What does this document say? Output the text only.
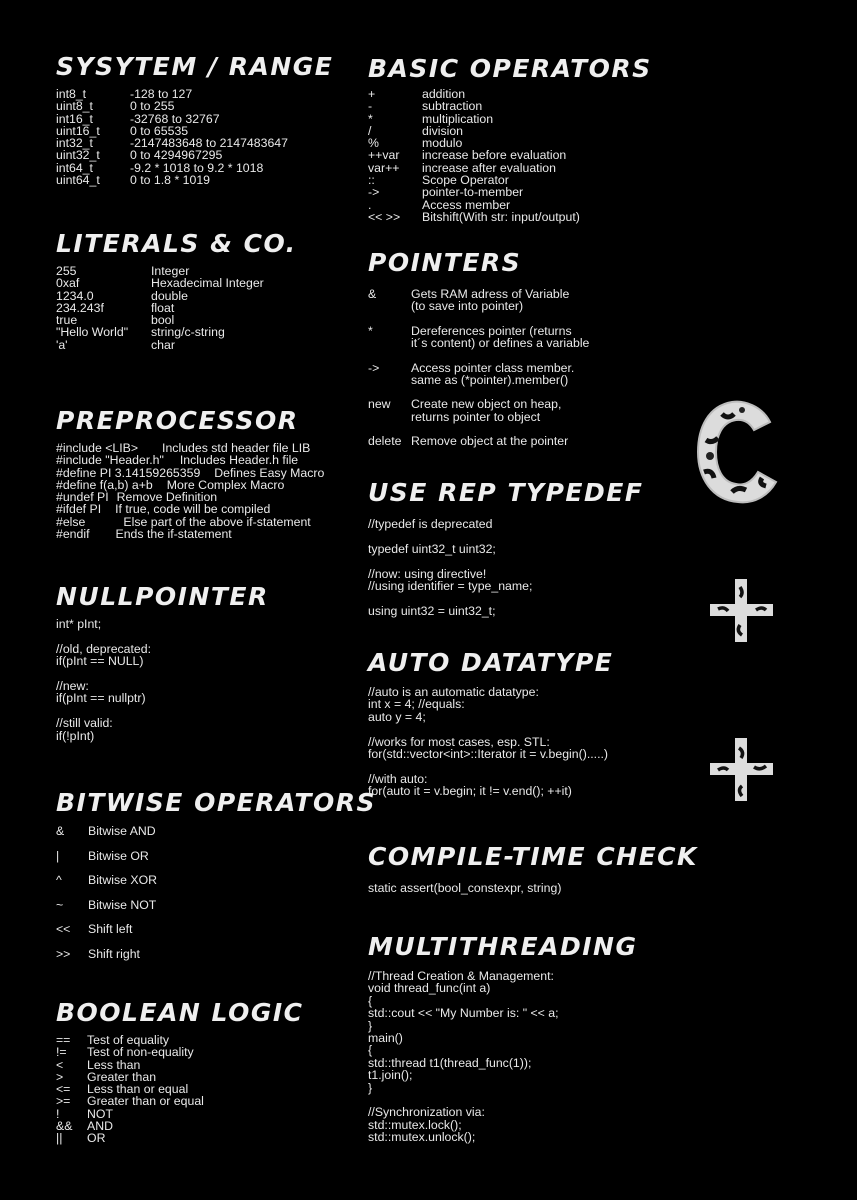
SYSYTEM / RANGE
int8_t	-128 to 127
uint8_t	0 to 255
int16_t	-32768 to 32767
uint16_t 0 to 65535
int32_t	-2147483648 to 2147483647
uint32_t 0 to 4294967295
int64_t	-9.2 * 1018 to 9.2 * 1018
uint64_t 0 to 1.8 * 1019
LITERALS & CO.
255	Integer
0xaf	Hexadecimal Integer
1234.0	double
234.243f	float
true	bool
"Hello World" string/c-string
'a'	char
PREPROCESSOR
#include <LIB> Includes std header file LIB
#include "Header.h" Includes Header.h file
#define PI 3.14159265359 Defines Easy Macro
#define f(a,b) a+b More Complex Macro
#undef PI Remove Definition
#ifdef PI If true, code will be compiled
#else	Else part of the above if-statement
#endif Ends the if-statement
NULLPOINTER
int* pInt;
//old, deprecated:
if(pInt == NULL)
//new:
if(pInt == nullptr)
//still valid:
if(!pInt)
BITWISE OPERATORS
& Bitwise AND
| Bitwise OR
^ Bitwise XOR
~ Bitwise NOT
<< Shift left
>> Shift right
BOOLEAN LOGIC
== Test of equality
!= Test of non-equality
< Less than
> Greater than
<= Less than or equal
>= Greater than or equal
! NOT
&& AND
|| OR
BASIC OPERATORS
+	addition
-	subtraction
*	multiplication
/	division
%	modulo
++var increase before evaluation
var++ increase after evaluation
::	Scope Operator
->	pointer-to-member
.	Access member
<< >> Bitshift(With str: input/output)
POINTERS
&	Gets RAM adress of Variable
(to save into pointer)
*	Dereferences pointer (returns
it´s content) or defines a variable
->	Access pointer class member.
same as (*pointer).member()
new	Create new object on heap,
returns pointer to object
delete Remove object at the pointer
USE REP TYPEDEF
//typedef is deprecated
typedef uint32_t uint32;
//now: using directive!
//using identifier = type_name;
using uint32 = uint32_t;
AUTO DATATYPE
//auto is an automatic datatype:
int x = 4; //equals:
auto y = 4;
//works for most cases, esp. STL:
for(std::vector<int>::Iterator it = v.begin().....)
//with auto:
for(auto it = v.begin; it != v.end(); ++it)
COMPILE-TIME CHECK
static assert(bool_constexpr, string)
MULTITHREADING
//Thread Creation & Management:
void thread_func(int a)
{
std::cout << "My Number is: " << a;
}
main()
{
std::thread t1(thread_func(1));
t1.join();
}
//Synchronization via:
std::mutex.lock();
std::mutex.unlock();
